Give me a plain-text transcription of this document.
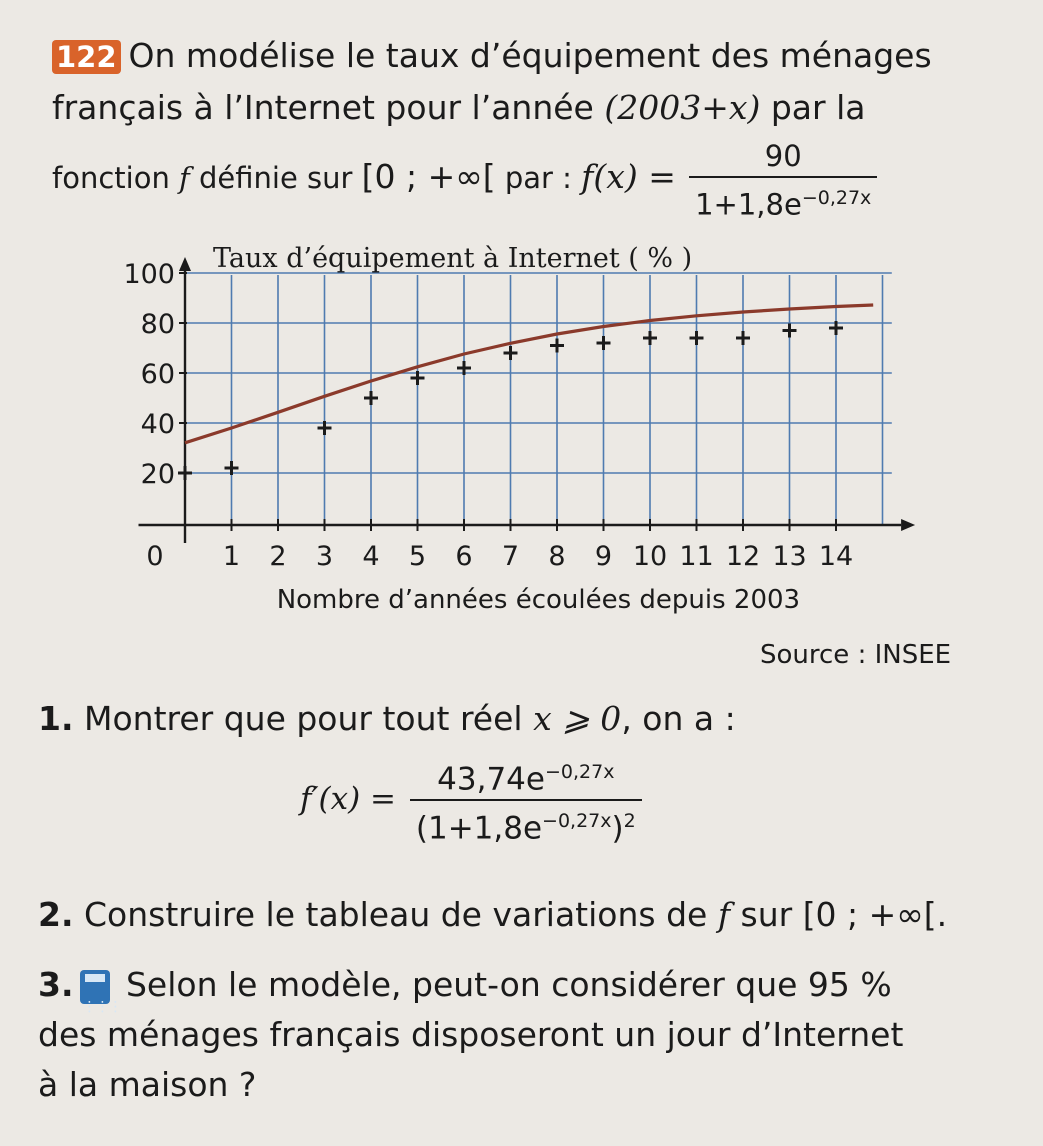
122 On modélise le taux d’équipement des ménages
français à l’Internet pour l’année (2003+x) par la
fonction f définie sur [0 ; +∞[ par : $f(x) = \frac{90}{1+1,8e^{-0,27x}}$
0 1 2 3 4 5 6 7 8 9 10 11 12 13 14
20
40
60
80
100
Taux d’équipement à Internet ( % )
Nombre d’années écoulées depuis 2003
Source : INSEE
1. Montrer que pour tout réel x ⩾ 0, on a :
$f'(x) = \frac{43,74e^{-0,27x}}{(1+1,8e^{-0,27x})^2}$
2. Construire le tableau de variations de f sur [0 ; +∞[.
3.⋮⋮⋮ Selon le modèle, peut-on considérer que 95 %
des ménages français disposeront un jour d’Internet
à la maison ?
